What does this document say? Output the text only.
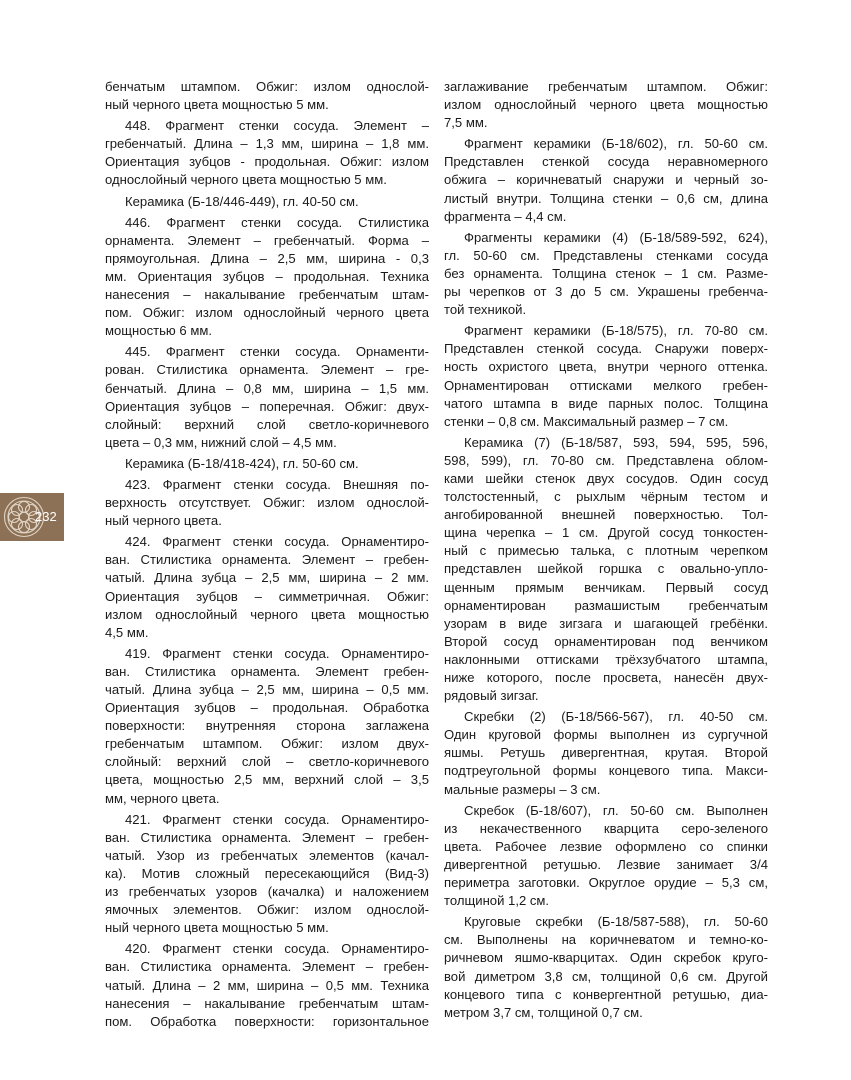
бенчатым штампом. Обжиг: излом однослой-
ный черного цвета мощностью 5 мм.
448. Фрагмент стенки сосуда. Элемент –
гребенчатый. Длина – 1,3 мм, ширина – 1,8 мм.
Ориентация зубцов - продольная. Обжиг: излом
однослойный черного цвета мощностью 5 мм.
Керамика (Б-18/446-449), гл. 40-50 см.
446. Фрагмент стенки сосуда. Стилистика
орнамента. Элемент – гребенчатый. Форма –
прямоугольная. Длина – 2,5 мм, ширина - 0,3
мм. Ориентация зубцов – продольная. Техника
нанесения – накалывание гребенчатым штам-
пом. Обжиг: излом однослойный черного цвета
мощностью 6 мм.
445. Фрагмент стенки сосуда. Орнаменти-
рован. Стилистика орнамента. Элемент – гре-
бенчатый. Длина – 0,8 мм, ширина – 1,5 мм.
Ориентация зубцов – поперечная. Обжиг: двух-
слойный: верхний слой светло-коричневого
цвета – 0,3 мм, нижний слой – 4,5 мм.
Керамика (Б-18/418-424), гл. 50-60 см.
423. Фрагмент стенки сосуда. Внешняя по-
верхность отсутствует. Обжиг: излом однослой-
ный черного цвета.
424. Фрагмент стенки сосуда. Орнаментиро-
ван. Стилистика орнамента. Элемент – гребен-
чатый. Длина зубца – 2,5 мм, ширина – 2 мм.
Ориентация зубцов – симметричная. Обжиг:
излом однослойный черного цвета мощностью
4,5 мм.
419. Фрагмент стенки сосуда. Орнаментиро-
ван. Стилистика орнамента. Элемент гребен-
чатый. Длина зубца – 2,5 мм, ширина – 0,5 мм.
Ориентация зубцов – продольная. Обработка
поверхности: внутренняя сторона заглажена
гребенчатым штампом. Обжиг: излом двух-
слойный: верхний слой – светло-коричневого
цвета, мощностью 2,5 мм, верхний слой – 3,5
мм, черного цвета.
421. Фрагмент стенки сосуда. Орнаментиро-
ван. Стилистика орнамента. Элемент – гребен-
чатый. Узор из гребенчатых элементов (качал-
ка). Мотив сложный пересекающийся (Вид-3)
из гребенчатых узоров (качалка) и наложением
ямочных элементов. Обжиг: излом однослой-
ный черного цвета мощностью 5 мм.
420. Фрагмент стенки сосуда. Орнаментиро-
ван. Стилистика орнамента. Элемент – гребен-
чатый. Длина – 2 мм, ширина – 0,5 мм. Техника
нанесения – накалывание гребенчатым штам-
пом. Обработка поверхности: горизонтальное
заглаживание гребенчатым штампом. Обжиг:
излом однослойный черного цвета мощностью
7,5 мм.
Фрагмент керамики (Б-18/602), гл. 50-60 см.
Представлен стенкой сосуда неравномерного
обжига – коричневатый снаружи и черный зо-
листый внутри. Толщина стенки – 0,6 см, длина
фрагмента – 4,4 см.
Фрагменты керамики (4) (Б-18/589-592, 624),
гл. 50-60 см. Представлены стенками сосуда
без орнамента. Толщина стенок – 1 см. Разме-
ры черепков от 3 до 5 см. Украшены гребенча-
той техникой.
Фрагмент керамики (Б-18/575), гл. 70-80 см.
Представлен стенкой сосуда. Снаружи поверх-
ность охристого цвета, внутри черного оттенка.
Орнаментирован оттисками мелкого гребен-
чатого штампа в виде парных полос. Толщина
стенки – 0,8 см. Максимальный размер – 7 см.
Керамика (7) (Б-18/587, 593, 594, 595, 596,
598, 599), гл. 70-80 см. Представлена облом-
ками шейки стенок двух сосудов. Один сосуд
толстостенный, с рыхлым чёрным тестом и
ангобированной внешней поверхностью. Тол-
щина черепка – 1 см. Другой сосуд тонкостен-
ный с примесью талька, с плотным черепком
представлен шейкой горшка с овально-упло-
щенным прямым венчикам. Первый сосуд
орнаментирован размашистым гребенчатым
узорам в виде зигзага и шагающей гребёнки.
Второй сосуд орнаментирован под венчиком
наклонными оттисками трёхзубчатого штампа,
ниже которого, после просвета, нанесён двух-
рядовый зигзаг.
Скребки (2) (Б-18/566-567), гл. 40-50 см.
Один круговой формы выполнен из сургучной
яшмы. Ретушь дивергентная, крутая. Второй
подтреугольной формы концевого типа. Макси-
мальные размеры – 3 см.
Скребок (Б-18/607), гл. 50-60 см. Выполнен
из некачественного кварцита серо-зеленого
цвета. Рабочее лезвие оформлено со спинки
дивергентной ретушью. Лезвие занимает 3/4
периметра заготовки. Округлое орудие – 5,3 см,
толщиной 1,2 см.
Круговые скребки (Б-18/587-588), гл. 50-60
см. Выполнены на коричневатом и темно-ко-
ричневом яшмо-кварцитах. Один скребок круго-
вой диметром 3,8 см, толщиной 0,6 см. Другой
концевого типа с конвергентной ретушью, диа-
метром 3,7 см, толщиной 0,7 см.
232
